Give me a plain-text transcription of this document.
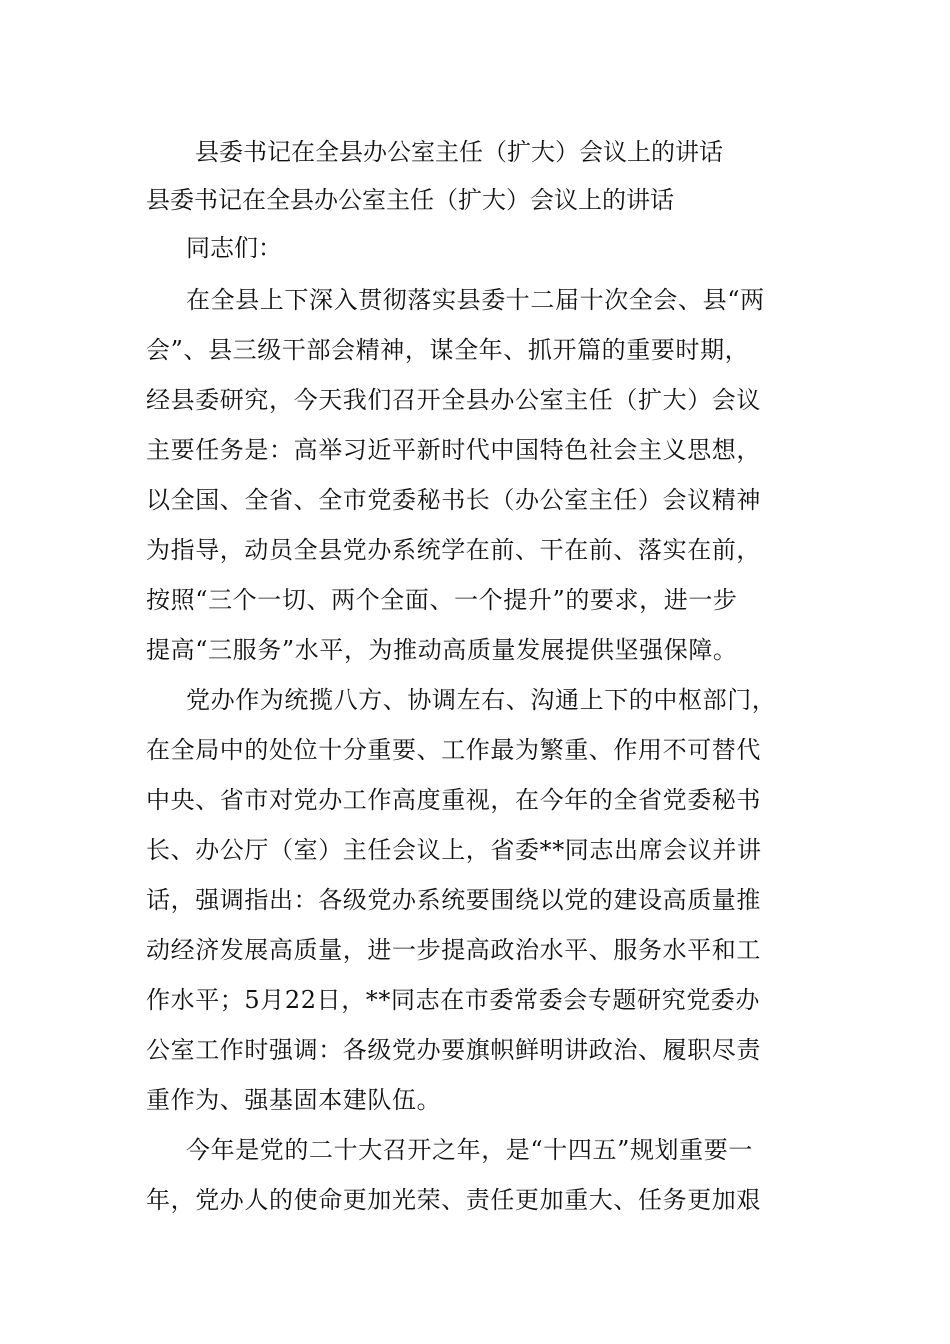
县委书记在全县办公室主任（扩大）会议上的讲话
县委书记在全县办公室主任（扩大）会议上的讲话
同志们：
在全县上下深入贯彻落实县委十二届十次全会、县“两
会”、县三级干部会精神，谋全年、抓开篇的重要时期，
经县委研究，今天我们召开全县办公室主任（扩大）会议
主要任务是：高举习近平新时代中国特色社会主义思想，
以全国、全省、全市党委秘书长（办公室主任）会议精神
为指导，动员全县党办系统学在前、干在前、落实在前，
按照“三个一切、两个全面、一个提升”的要求，进一步
提高“三服务”水平，为推动高质量发展提供坚强保障。
党办作为统揽八方、协调左右、沟通上下的中枢部门，
在全局中的处位十分重要、工作最为繁重、作用不可替代
中央、省市对党办工作高度重视，在今年的全省党委秘书
长、办公厅（室）主任会议上，省委**同志出席会议并讲
话，强调指出：各级党办系统要围绕以党的建设高质量推
动经济发展高质量，进一步提高政治水平、服务水平和工
作水平；5月22日，**同志在市委常委会专题研究党委办
公室工作时强调：各级党办要旗帜鲜明讲政治、履职尽责
重作为、强基固本建队伍。
今年是党的二十大召开之年，是“十四五”规划重要一
年，党办人的使命更加光荣、责任更加重大、任务更加艰
